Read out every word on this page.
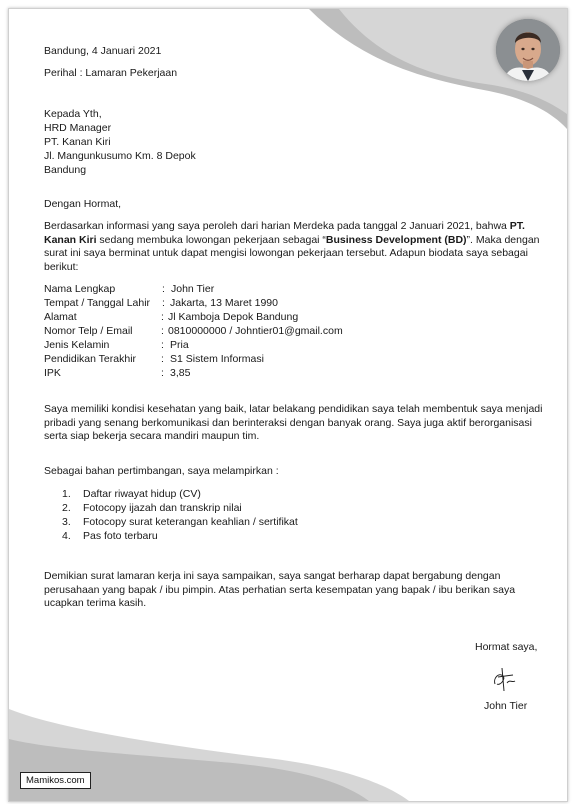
Bandung, 4 Januari 2021
Perihal : Lamaran Pekerjaan
Kepada Yth,
HRD Manager
PT. Kanan Kiri
Jl. Mangunkusumo Km. 8 Depok
Bandung
Dengan Hormat,
Berdasarkan informasi yang saya peroleh dari harian Merdeka pada tanggal 2 Januari 2021, bahwa PT. Kanan Kiri sedang membuka lowongan pekerjaan sebagai “Business Development (BD)”. Maka dengan surat ini saya berminat untuk dapat mengisi lowongan pekerjaan tersebut. Adapun biodata saya sebagai berikut:
Nama Lengkap	: John Tier
Tempat / Tanggal Lahir : Jakarta, 13 Maret 1990
Alamat	: Jl Kamboja Depok Bandung
Nomor Telp / Email	: 0810000000 / Johntier01@gmail.com
Jenis Kelamin	: Pria
Pendidikan Terakhir : S1 Sistem Informasi
IPK	: 3,85
Saya memiliki kondisi kesehatan yang baik, latar belakang pendidikan saya telah membentuk saya menjadi pribadi yang senang berkomunikasi dan berinteraksi dengan banyak orang. Saya juga aktif berorganisasi serta siap bekerja secara mandiri maupun tim.
Sebagai bahan pertimbangan, saya melampirkan :
1. Daftar riwayat hidup (CV)
2. Fotocopy ijazah dan transkrip nilai
3. Fotocopy surat keterangan keahlian / sertifikat
4. Pas foto terbaru
Demikian surat lamaran kerja ini saya sampaikan, saya sangat berharap dapat bergabung dengan perusahaan yang bapak / ibu pimpin. Atas perhatian serta kesempatan yang bapak / ibu berikan saya ucapkan terima kasih.
Hormat saya,
John Tier
Mamikos.com
